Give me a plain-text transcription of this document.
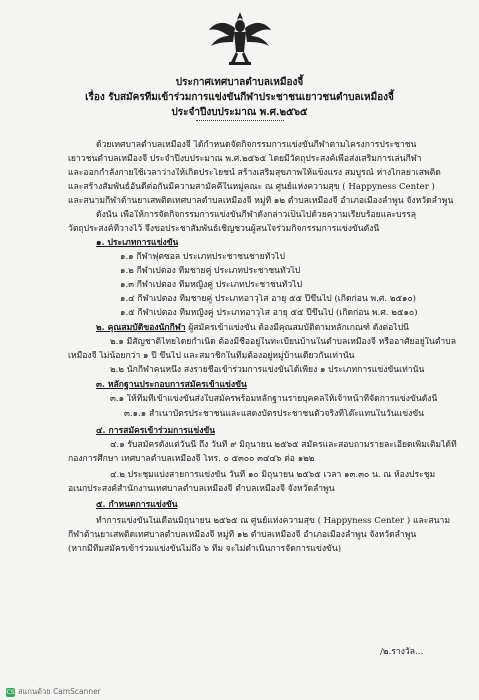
ประกาศเทศบาลตำบลเหมืองจี้
เรื่อง รับสมัครทีมเข้าร่วมการแข่งขันกีฬาประชาชนเยาวชนตำบลเหมืองจี้
ประจำปีงบประมาณ พ.ศ.๒๕๖๕
ด้วยเทศบาลตำบลเหมืองจี้ ได้กำหนดจัดกิจกรรมการแข่งขันกีฬาตามโครงการประชาชน
เยาวชนตำบลเหมืองจี้ ประจำปีงบประมาณ พ.ศ.๒๕๖๕ โดยมีวัตถุประสงค์เพื่อส่งเสริมการเล่นกีฬา
และออกกำลังกายใช้เวลาว่างให้เกิดประโยชน์ สร้างเสริมสุขภาพให้แข็งแรง สมบูรณ์ ห่างไกลยาเสพติด
และสร้างสัมพันธ์อันดีต่อกันมีความสามัคคีในหมู่คณะ ณ ศูนย์แห่งความสุข ( Happyness Center )
และสนามกีฬาต้านยาเสพติดเทศบาลตำบลเหมืองจี้ หมู่ที่ ๑๒ ตำบลเหมืองจี้ อำเภอเมืองลำพูน จังหวัดลำพูน
ดังนั้น เพื่อให้การจัดกิจกรรมการแข่งขันกีฬาดังกล่าวเป็นไปด้วยความเรียบร้อยและบรรลุ
วัตถุประสงค์ที่วางไว้ จึงขอประชาสัมพันธ์เชิญชวนผู้สนใจร่วมกิจกรรมการแข่งขันดังนี้
๑. ประเภทการแข่งขัน
๑.๑ กีฬาฟุตซอล ประเภทประชาชนชายทั่วไป
๑.๒ กีฬาเปตอง ทีมชายคู่ ประเภทประชาชนทั่วไป
๑.๓ กีฬาเปตอง ทีมหญิงคู่ ประเภทประชาชนทั่วไป
๑.๔ กีฬาเปตอง ทีมชายคู่ ประเภทอาวุโส อายุ ๕๕ ปีขึ้นไป (เกิดก่อน พ.ศ. ๒๕๑๐)
๑.๕ กีฬาเปตอง ทีมหญิงคู่ ประเภทอาวุโส อายุ ๕๕ ปีขึ้นไป (เกิดก่อน พ.ศ. ๒๕๑๐)
๒. คุณสมบัติของนักกีฬา ผู้สมัครเข้าแข่งขัน ต้องมีคุณสมบัติตามหลักเกณฑ์ ดังต่อไปนี้
๒.๑ มีสัญชาติไทยโดยกำเนิด ต้องมีชื่ออยู่ในทะเบียนบ้านในตำบลเหมืองจี้ หรืออาศัยอยู่ในตำบล
เหมืองจี้ ไม่น้อยกว่า ๑ ปี ขึ้นไป และสมาชิกในทีมต้องอยู่หมู่บ้านเดียวกันเท่านั้น
๒.๒ นักกีฬาคนหนึ่ง สงรายชื่อเข้าร่วมการแข่งขันได้เพียง ๑ ประเภทการแข่งขันเท่านั้น
๓. หลักฐานประกอบการสมัครเข้าแข่งขัน
๓.๑ ให้ทีมที่เข้าแข่งขันส่งใบสมัครพร้อมหลักฐานรายบุคคลให้เจ้าหน้าที่จัดการแข่งขันดังนี้
๓.๑.๑ สำเนาบัตรประชาชนและแสดงบัตรประชาชนตัวจริงที่โต๊ะแทนในวันแข่งขัน
๔. การสมัครเข้าร่วมการแข่งขัน
๔.๑ รับสมัครตั้งแต่วันนี้ ถึง วันที่ ๙ มิถุนายน ๒๕๖๕ สมัครและสอบถามรายละเอียดเพิ่มเติมได้ที่
กองการศึกษา เทศบาลตำบลเหมืองจี้ โทร. ๐ ๕๓๐๐ ๓๔๔๖ ต่อ ๑๒๒
๔.๒ ประชุมแบ่งสายการแข่งขัน วันที่ ๑๐ มิถุนายน ๒๕๖๕ เวลา ๑๓.๓๐ น. ณ ห้องประชุม
อเนกประสงค์สำนักงานเทศบาลตำบลเหมืองจี้ ตำบลเหมืองจี้ จังหวัดลำพูน
๕. กำหนดการแข่งขัน
ทำการแข่งขันในเดือนมิถุนายน ๒๕๖๕ ณ ศูนย์แห่งความสุข ( Happyness Center ) และสนาม
กีฬาต้านยาเสพติดเทศบาลตำบลเหมืองจี้ หมู่ที่ ๑๒ ตำบลเหมืองจี้ อำเภอเมืองลำพูน จังหวัดลำพูน
(หากมีทีมสมัครเข้าร่วมแข่งขันไม่ถึง ๖ ทีม จะไม่ดำเนินการจัดการแข่งขัน)
/๒.รางวัล...
CS สแกนด้วย CamScanner
